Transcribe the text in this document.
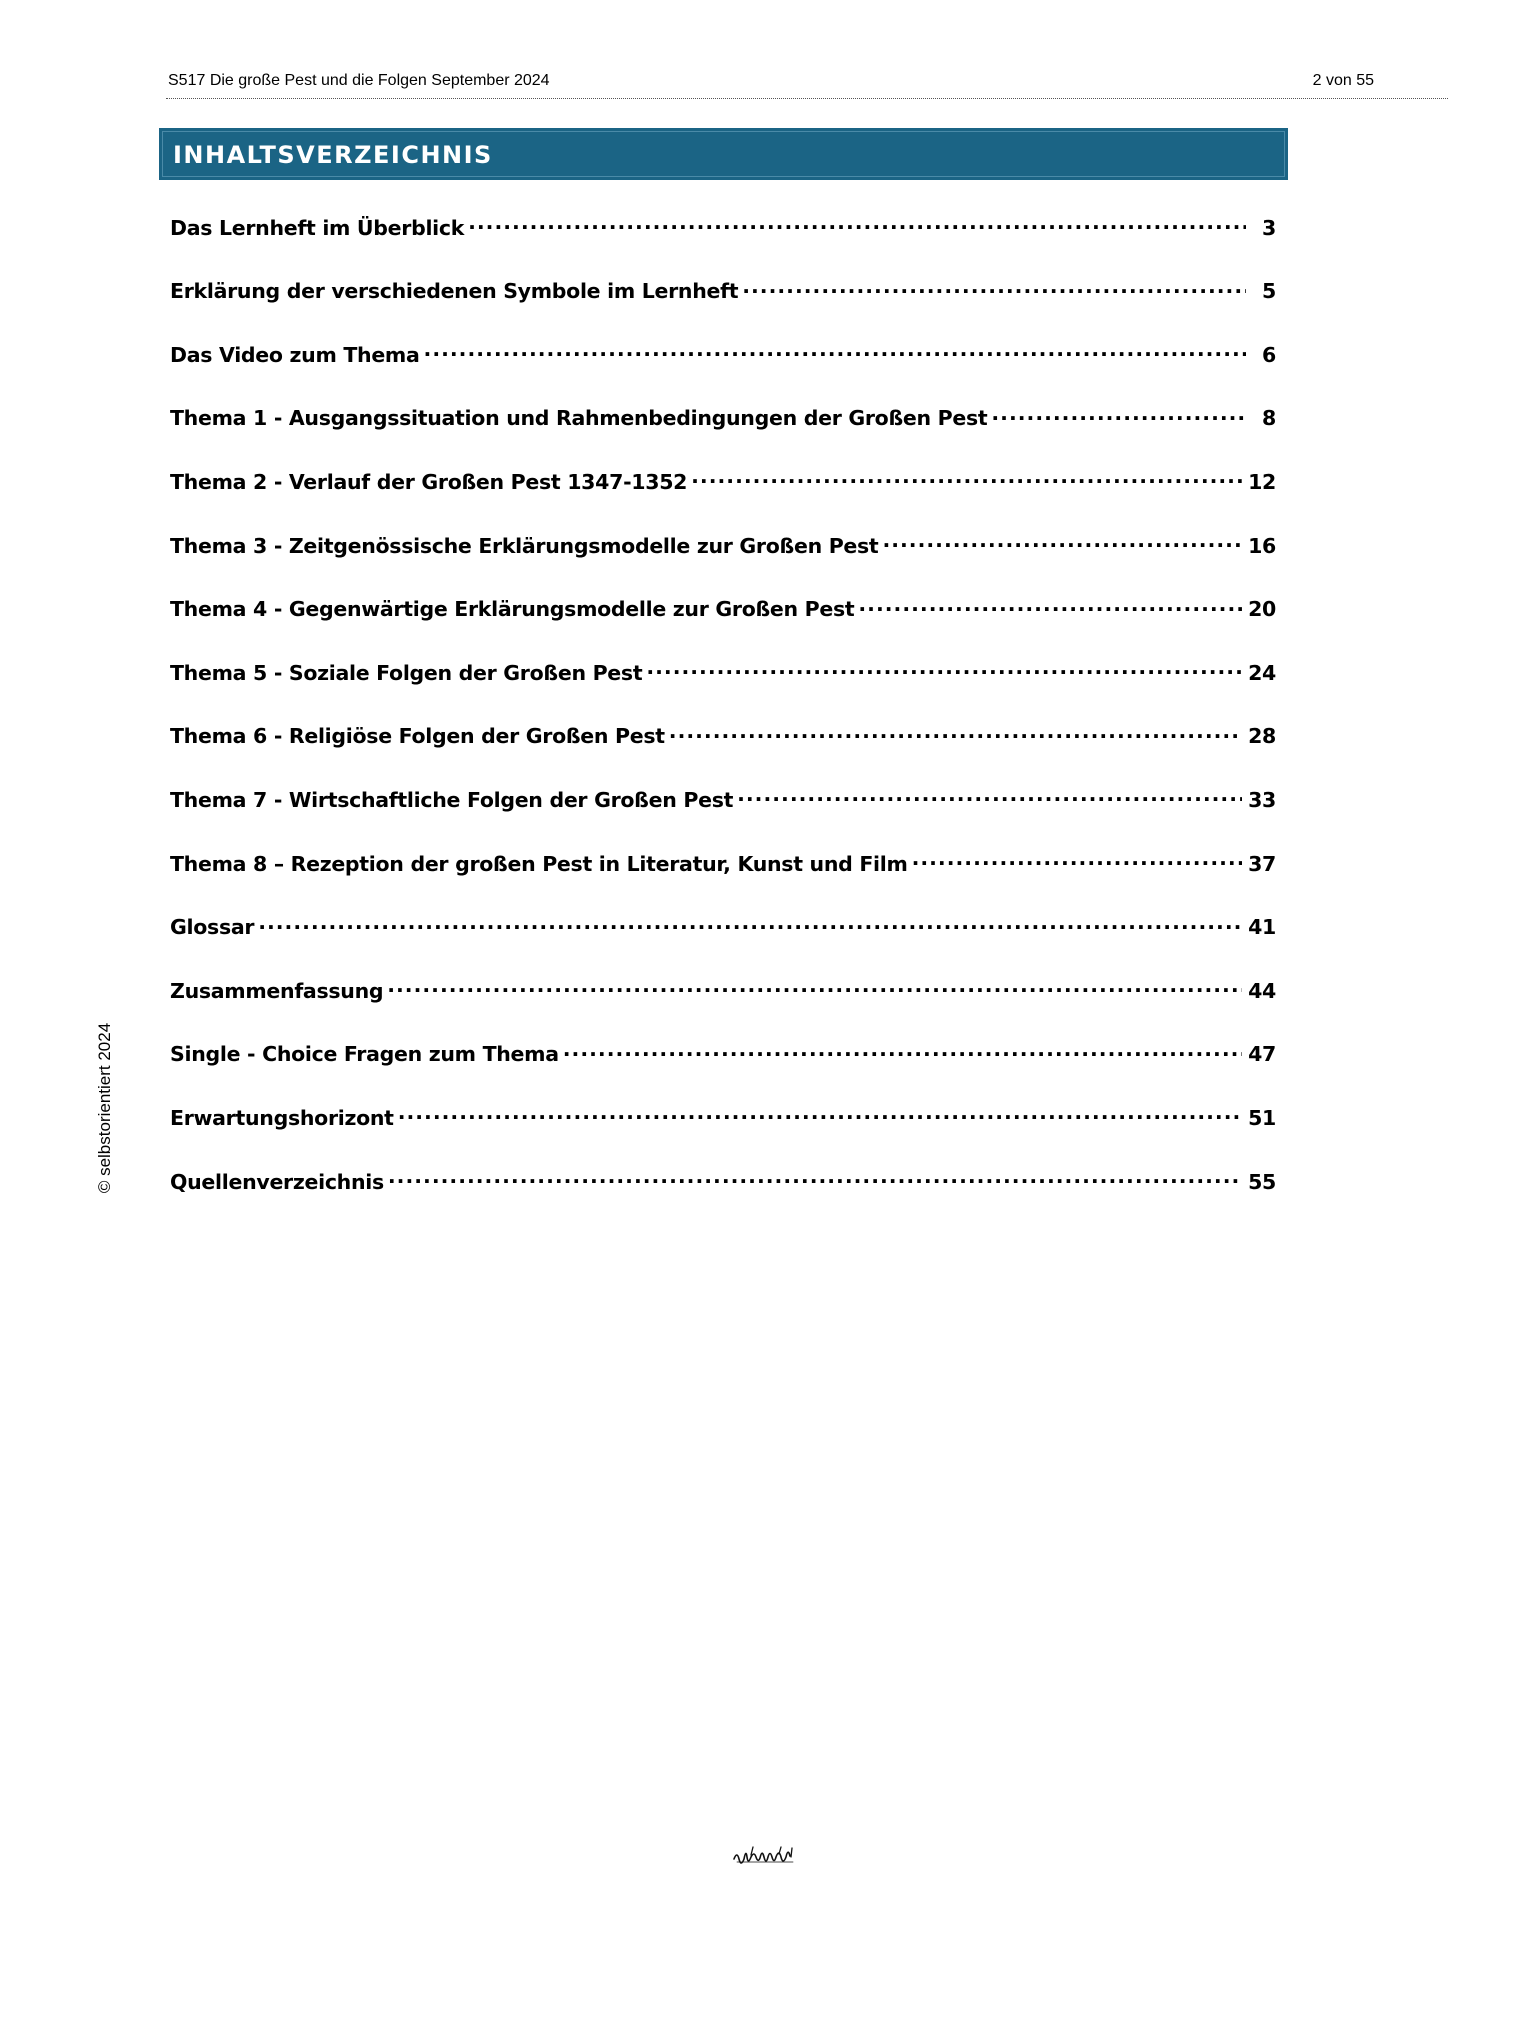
S517 Die große Pest und die Folgen September 2024	2 von 55
INHALTSVERZEICHNIS
Das Lernheft im Überblick .....	3
Erklärung der verschiedenen Symbole im Lernheft .....	5
Das Video zum Thema .....	6
Thema 1 - Ausgangssituation und Rahmenbedingungen der Großen Pest .....	8
Thema 2 - Verlauf der Großen Pest 1347-1352 .....	12
Thema 3 - Zeitgenössische Erklärungsmodelle zur Großen Pest .....	16
Thema 4 - Gegenwärtige Erklärungsmodelle zur Großen Pest .....	20
Thema 5 - Soziale Folgen der Großen Pest .....	24
Thema 6 - Religiöse Folgen der Großen Pest .....	28
Thema 7 - Wirtschaftliche Folgen der Großen Pest .....	33
Thema 8 – Rezeption der großen Pest in Literatur, Kunst und Film .....	37
Glossar .....	41
Zusammenfassung .....	44
Single - Choice Fragen zum Thema .....	47
Erwartungshorizont .....	51
Quellenverzeichnis .....	55
© selbstorientiert 2024
